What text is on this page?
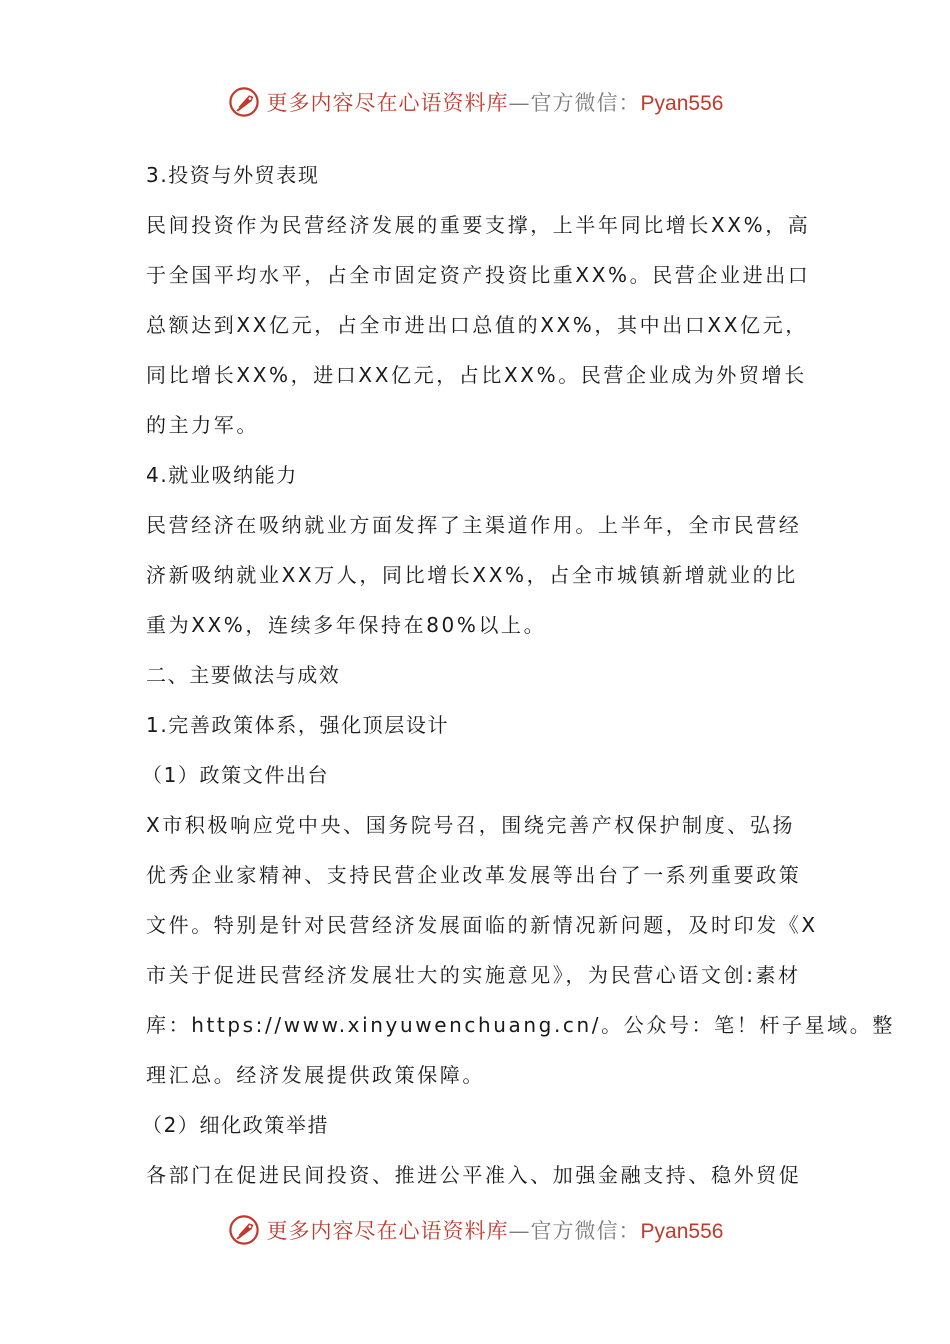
更多内容尽在心语资料库—官方微信：Pyan556
3.投资与外贸表现
民间投资作为民营经济发展的重要支撑，上半年同比增长XX%，高
于全国平均水平，占全市固定资产投资比重XX%。民营企业进出口
总额达到XX亿元，占全市进出口总值的XX%，其中出口XX亿元，
同比增长XX%，进口XX亿元，占比XX%。民营企业成为外贸增长
的主力军。
4.就业吸纳能力
民营经济在吸纳就业方面发挥了主渠道作用。上半年，全市民营经
济新吸纳就业XX万人，同比增长XX%，占全市城镇新增就业的比
重为XX%，连续多年保持在80%以上。
二、主要做法与成效
1.完善政策体系，强化顶层设计
（1）政策文件出台
X市积极响应党中央、国务院号召，围绕完善产权保护制度、弘扬
优秀企业家精神、支持民营企业改革发展等出台了一系列重要政策
文件。特别是针对民营经济发展面临的新情况新问题，及时印发《X
市关于促进民营经济发展壮大的实施意见》，为民营心语文创:素材
库：https://www.xinyuwenchuang.cn/。公众号：笔！杆子星域。整
理汇总。经济发展提供政策保障。
（2）细化政策举措
各部门在促进民间投资、推进公平准入、加强金融支持、稳外贸促
更多内容尽在心语资料库—官方微信：Pyan556
